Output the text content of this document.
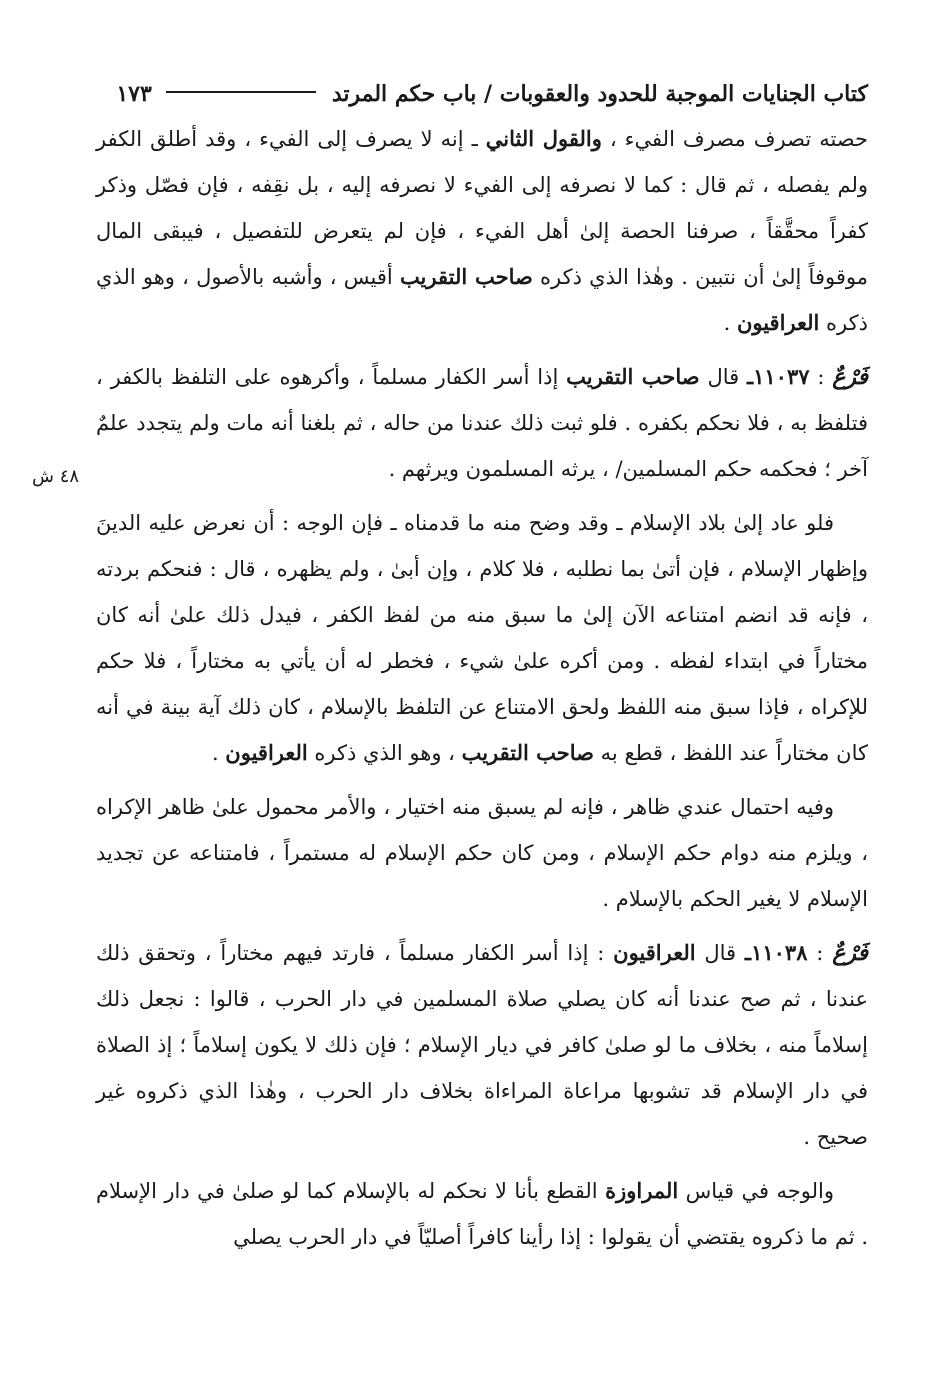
كتاب الجنايات الموجبة للحدود والعقوبات / باب حكم المرتد
١٧٣
حصته تصرف مصرف الفيء ، والقول الثاني ـ إنه لا يصرف إلى الفيء ، وقد أطلق الكفر ولم يفصله ، ثم قال : كما لا نصرفه إلى الفيء لا نصرفه إليه ، بل نقِفه ، فإن فصّل وذكر كفراً محقَّقاً ، صرفنا الحصة إلىٰ أهل الفيء ، فإن لم يتعرض للتفصيل ، فيبقى المال موقوفاً إلىٰ أن نتبين . وهٰذا الذي ذكره صاحب التقريب أقيس ، وأشبه بالأصول ، وهو الذي ذكره العراقيون .
فَرْعٌ : ١١٠٣٧ـ قال صاحب التقريب إذا أسر الكفار مسلماً ، وأكرهوه على التلفظ بالكفر ، فتلفظ به ، فلا نحكم بكفره . فلو ثبت ذلك عندنا من حاله ، ثم بلغنا أنه مات ولم يتجدد علمٌ آخر ؛ فحكمه حكم المسلمين/ ، يرثه المسلمون ويرثهم .
فلو عاد إلىٰ بلاد الإسلام ـ وقد وضح منه ما قدمناه ـ فإن الوجه : أن نعرض عليه الدينَ وإظهار الإسلام ، فإن أتىٰ بما نطلبه ، فلا كلام ، وإن أبىٰ ، ولم يظهره ، قال : فنحكم بردته ، فإنه قد انضم امتناعه الآن إلىٰ ما سبق منه من لفظ الكفر ، فيدل ذلك علىٰ أنه كان مختاراً في ابتداء لفظه . ومن أكره علىٰ شيء ، فخطر له أن يأتي به مختاراً ، فلا حكم للإكراه ، فإذا سبق منه اللفظ ولحق الامتناع عن التلفظ بالإسلام ، كان ذلك آية بينة في أنه كان مختاراً عند اللفظ ، قطع به صاحب التقريب ، وهو الذي ذكره العراقيون .
وفيه احتمال عندي ظاهر ، فإنه لم يسبق منه اختيار ، والأمر محمول علىٰ ظاهر الإكراه ، ويلزم منه دوام حكم الإسلام ، ومن كان حكم الإسلام له مستمراً ، فامتناعه عن تجديد الإسلام لا يغير الحكم بالإسلام .
فَرْعٌ : ١١٠٣٨ـ قال العراقيون : إذا أسر الكفار مسلماً ، فارتد فيهم مختاراً ، وتحقق ذلك عندنا ، ثم صح عندنا أنه كان يصلي صلاة المسلمين في دار الحرب ، قالوا : نجعل ذلك إسلاماً منه ، بخلاف ما لو صلىٰ كافر في ديار الإسلام ؛ فإن ذلك لا يكون إسلاماً ؛ إذ الصلاة في دار الإسلام قد تشوبها مراعاة المراءاة بخلاف دار الحرب ، وهٰذا الذي ذكروه غير صحيح .
والوجه في قياس المراوزة القطع بأنا لا نحكم له بالإسلام كما لو صلىٰ في دار الإسلام . ثم ما ذكروه يقتضي أن يقولوا : إذا رأينا كافراً أصليّاً في دار الحرب يصلي
٤٨ ش
